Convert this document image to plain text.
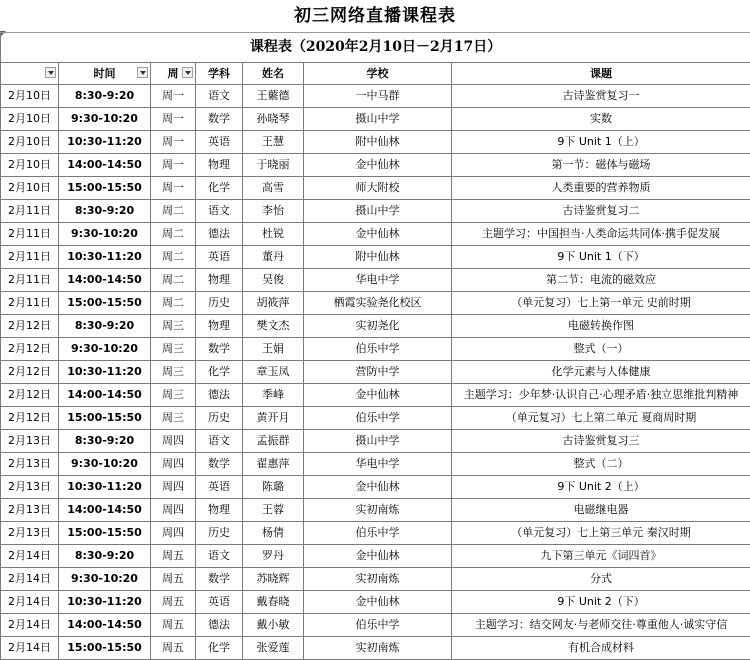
初三网络直播课程表
课程表（2020年2月10日－2月17日）						

	时间	周	学科	姓名	学校	课题
2月10日	8:30-9:20	周一	语文	王蘩德	一中马群	古诗鉴赏复习一
2月10日	9:30-10:20	周一	数学	孙晓琴	摄山中学	实数
2月10日	10:30-11:20	周一	英语	王慧	附中仙林	9下 Unit 1（上）
2月10日	14:00-14:50	周一	物理	于晓丽	金中仙林	第一节：磁体与磁场
2月10日	15:00-15:50	周一	化学	高雪	师大附校	人类重要的营养物质
2月11日	8:30-9:20	周二	语文	李怡	摄山中学	古诗鉴赏复习二
2月11日	9:30-10:20	周二	德法	杜锐	金中仙林	主题学习：中国担当·人类命运共同体·携手促发展
2月11日	10:30-11:20	周二	英语	董丹	附中仙林	9下 Unit 1（下）
2月11日	14:00-14:50	周二	物理	吴俊	华电中学	第二节：电流的磁效应
2月11日	15:00-15:50	周二	历史	胡筱萍	栖霞实验尧化校区	（单元复习）七上第一单元 史前时期
2月12日	8:30-9:20	周三	物理	樊文杰	实初尧化	电磁转换作图
2月12日	9:30-10:20	周三	数学	王娟	伯乐中学	整式（一）
2月12日	10:30-11:20	周三	化学	章玉凤	营防中学	化学元素与人体健康
2月12日	14:00-14:50	周三	德法	季峰	金中仙林	主题学习：少年梦·认识自己·心理矛盾·独立思维批判精神
2月12日	15:00-15:50	周三	历史	黄开月	伯乐中学	（单元复习）七上第二单元 夏商周时期
2月13日	8:30-9:20	周四	语文	孟振群	摄山中学	古诗鉴赏复习三
2月13日	9:30-10:20	周四	数学	翟惠萍	华电中学	整式（二）
2月13日	10:30-11:20	周四	英语	陈璐	金中仙林	9下 Unit 2（上）
2月13日	14:00-14:50	周四	物理	王蓉	实初南炼	电磁继电器
2月13日	15:00-15:50	周四	历史	杨倩	伯乐中学	（单元复习）七上第三单元 秦汉时期
2月14日	8:30-9:20	周五	语文	罗丹	金中仙林	九下第三单元《词四首》
2月14日	9:30-10:20	周五	数学	苏晓辉	实初南炼	分式
2月14日	10:30-11:20	周五	英语	戴春晓	金中仙林	9下 Unit 2（下）
2月14日	14:00-14:50	周五	德法	戴小敏	伯乐中学	主题学习：结交网友·与老师交往·尊重他人·诚实守信
2月14日	15:00-15:50	周五	化学	张爱莲	实初南炼	有机合成材料
